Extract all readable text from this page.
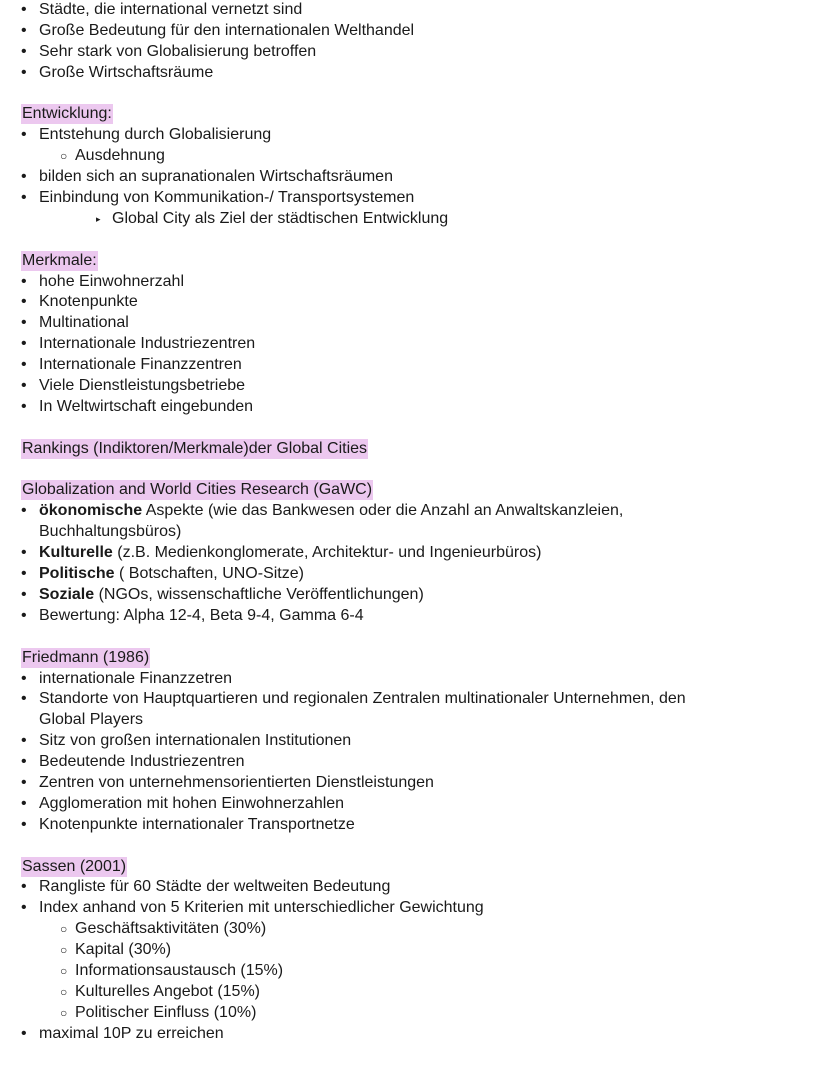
• Städte, die international vernetzt sind
• Große Bedeutung für den internationalen Welthandel
• Sehr stark von Globalisierung betroffen
• Große Wirtschaftsräume
Entwicklung:
• Entstehung durch Globalisierung
○ Ausdehnung
• bilden sich an supranationalen Wirtschaftsräumen
• Einbindung von Kommunikation-/ Transportsystemen
▸ Global City als Ziel der städtischen Entwicklung
Merkmale:
• hohe Einwohnerzahl
• Knotenpunkte
• Multinational
• Internationale Industriezentren
• Internationale Finanzzentren
• Viele Dienstleistungsbetriebe
• In Weltwirtschaft eingebunden
Rankings (Indiktoren/Merkmale)der Global Cities
Globalization and World Cities Research (GaWC)
• ökonomische Aspekte (wie das Bankwesen oder die Anzahl an Anwaltskanzleien,
Buchhaltungsbüros)
• Kulturelle (z.B. Medienkonglomerate, Architektur- und Ingenieurbüros)
• Politische ( Botschaften, UNO-Sitze)
• Soziale (NGOs, wissenschaftliche Veröffentlichungen)
• Bewertung: Alpha 12-4, Beta 9-4, Gamma 6-4
Friedmann (1986)
• internationale Finanzzetren
• Standorte von Hauptquartieren und regionalen Zentralen multinationaler Unternehmen, den
Global Players
• Sitz von großen internationalen Institutionen
• Bedeutende Industriezentren
• Zentren von unternehmensorientierten Dienstleistungen
• Agglomeration mit hohen Einwohnerzahlen
• Knotenpunkte internationaler Transportnetze
Sassen (2001)
• Rangliste für 60 Städte der weltweiten Bedeutung
• Index anhand von 5 Kriterien mit unterschiedlicher Gewichtung
○ Geschäftsaktivitäten (30%)
○ Kapital (30%)
○ Informationsaustausch (15%)
○ Kulturelles Angebot (15%)
○ Politischer Einfluss (10%)
• maximal 10P zu erreichen
